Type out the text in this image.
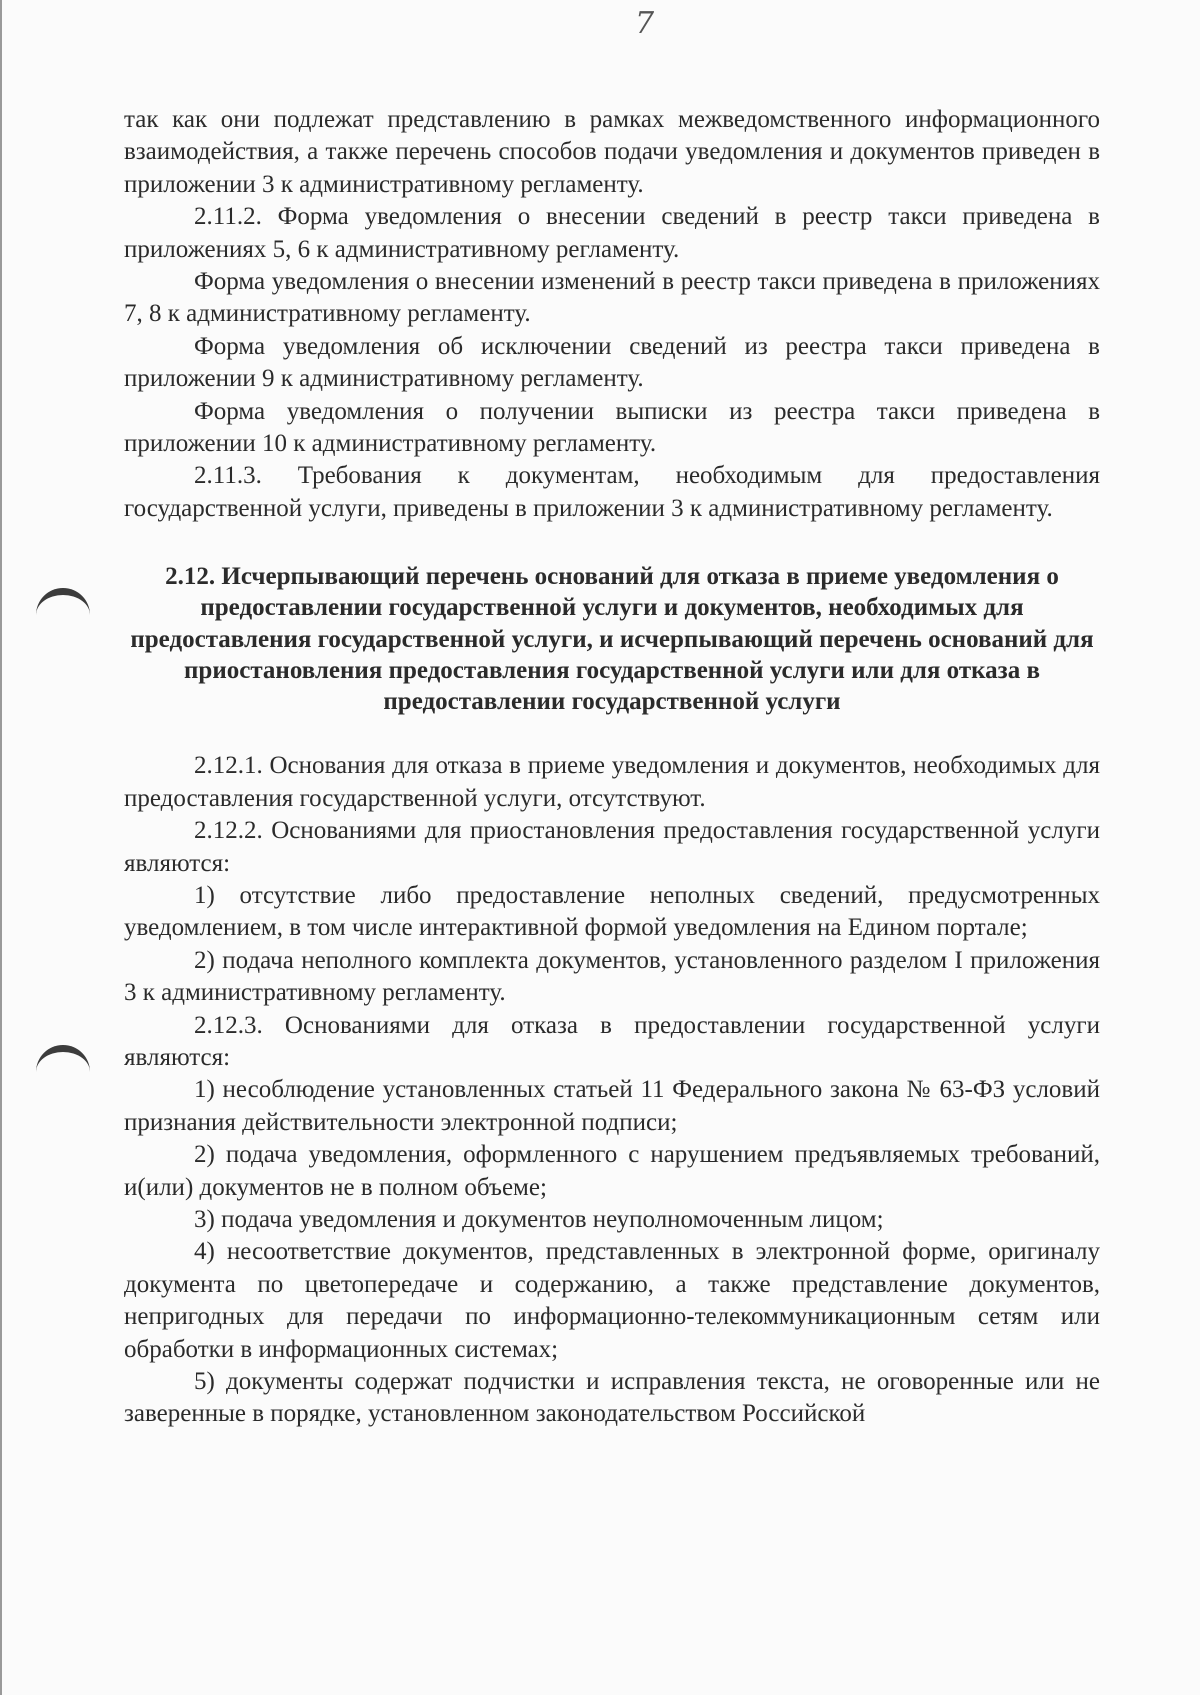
7

так как они подлежат представлению в рамках межведомственного информационного взаимодействия, а также перечень способов подачи уведомления и документов приведен в приложении 3 к административному регламенту.

2.11.2. Форма уведомления о внесении сведений в реестр такси приведена в приложениях 5, 6 к административному регламенту.

Форма уведомления о внесении изменений в реестр такси приведена в приложениях 7, 8 к административному регламенту.

Форма уведомления об исключении сведений из реестра такси приведена в приложении 9 к административному регламенту.

Форма уведомления о получении выписки из реестра такси приведена в приложении 10 к административному регламенту.

2.11.3. Требования к документам, необходимым для предоставления государственной услуги, приведены в приложении 3 к административному регламенту.

2.12. Исчерпывающий перечень оснований для отказа в приеме уведомления о предоставлении государственной услуги и документов, необходимых для предоставления государственной услуги, и исчерпывающий перечень оснований для приостановления предоставления государственной услуги или для отказа в предоставлении государственной услуги

2.12.1. Основания для отказа в приеме уведомления и документов, необходимых для предоставления государственной услуги, отсутствуют.

2.12.2. Основаниями для приостановления предоставления государственной услуги являются:

1) отсутствие либо предоставление неполных сведений, предусмотренных уведомлением, в том числе интерактивной формой уведомления на Едином портале;

2) подача неполного комплекта документов, установленного разделом I приложения 3 к административному регламенту.

2.12.3. Основаниями для отказа в предоставлении государственной услуги являются:

1) несоблюдение установленных статьей 11 Федерального закона № 63-ФЗ условий признания действительности электронной подписи;

2) подача уведомления, оформленного с нарушением предъявляемых требований, и(или) документов не в полном объеме;

3) подача уведомления и документов неуполномоченным лицом;

4) несоответствие документов, представленных в электронной форме, оригиналу документа по цветопередаче и содержанию, а также представление документов, непригодных для передачи по информационно-телекоммуникационным сетям или обработки в информационных системах;

5) документы содержат подчистки и исправления текста, не оговоренные или не заверенные в порядке, установленном законодательством Российской
